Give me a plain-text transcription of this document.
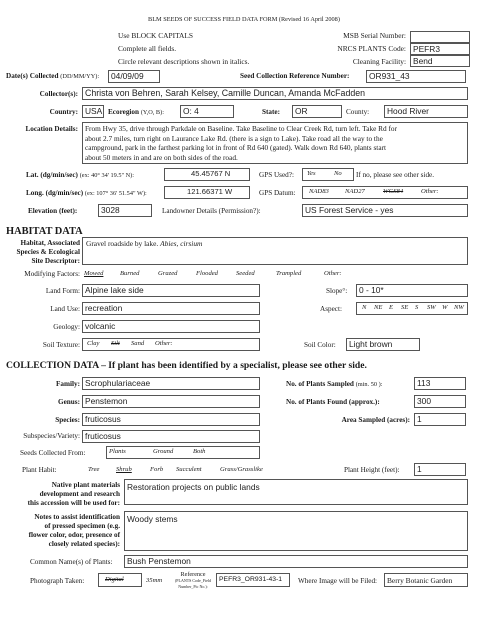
BLM SEEDS OF SUCCESS FIELD DATA FORM (Revised 16 April 2008)
Use BLOCK CAPITALS
Complete all fields.
Circle relevant descriptions shown in italics.
MSB Serial Number:
NRCS PLANTS Code: PEFR3
Cleaning Facility: Bend
Date(s) Collected (DD/MM/YY): 04/09/09	Seed Collection Reference Number: OR931_43
Collector(s): Christa von Behren, Sarah Kelsey, Camille Duncan, Amanda McFadden
Country: USA Ecoregion (Y,O, B): O: 4	State: OR	County: Hood River
Location Details: From Hwy 35, drive through Parkdale on Baseline. Take Baseline to Clear Creek Rd, turn left. Take Rd for
about 2.7 miles, turn right on Laurance Lake Rd. (there is a sign to Lake). Take road all the way to the
campground, park in the farthest parking lot in front of Rd 640 (gated). Walk down Rd 640, plants start
about 50 meters in and are on both sides of the road.
Lat. (dg/min/sec) (ex: 40° 34' 19.5" N):	45.45767 N	GPS Used?: Yes	No If no, please see other side.
Long. (dg/min/sec) (ex: 107° 36' 51.54" W):	121.66371 W	GPS Datum: NAD83 NAD27	WGS84	Other:
Elevation (feet):	3028	Landowner Details (Permission?):	US Forest Service - yes
HABITAT DATA
Habitat, Associated
Species & Ecological
Site Descriptor:
Gravel roadside by lake. Abies, cirsium
Modifying Factors: Mowed	Burned	Grazed	Flooded	Seeded	Trampled	Other:
Land Form: Alpine lake side	Slope°: 0 - 10*
Land Use: recreation	Aspect:	N NE E SE S SW W NW
Geology: volcanic
Soil Texture: Clay Silt Sand Other:	Soil Color: Light brown
COLLECTION DATA – If plant has been identified by a specialist, please see other side.
Family: Scrophulariaceae	No. of Plants Sampled (min. 50 ):	113
Genus: Penstemon	No. of Plants Found (approx.):	300
Species: fruticosus	Area Sampled (acres): 1
Subspecies/Variety: fruticosus
Seeds Collected From:	Plants	Ground	Both
Plant Habit:	Tree	Shrub	Forb Succulent	Grass/Grasslike	Plant Height (feet): 1
Native plant materials
development and research
this accession will be used for:
Restoration projects on public lands
Notes to assist identification
of pressed specimen (e.g.
flower color, odor, presence of
closely related species):
Woody stems
Common Name(s) of Plants: Bush Penstemon
Photograph Taken:	Digital	35mm
Reference
(PLANTS Code_Field
Number_Pic No.):
PEFR3_OR931-43-1 Where Image will be Filed: Berry Botanic Garden
